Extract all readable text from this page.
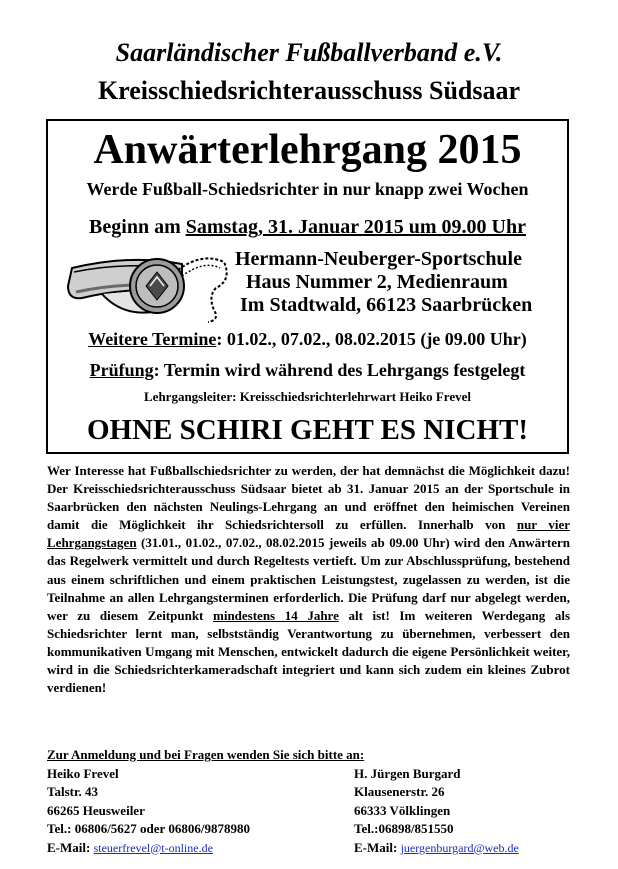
Saarländischer Fußballverband e.V.
Kreisschiedsrichterausschuss Südsaar
Anwärterlehrgang 2015
Werde Fußball-Schiedsrichter in nur knapp zwei Wochen
Beginn am Samstag, 31. Januar 2015 um 09.00 Uhr
Hermann-Neuberger-Sportschule
Haus Nummer 2, Medienraum
Im Stadtwald, 66123 Saarbrücken
Weitere Termine: 01.02., 07.02., 08.02.2015 (je 09.00 Uhr)
Prüfung: Termin wird während des Lehrgangs festgelegt
Lehrgangsleiter: Kreisschiedsrichterlehrwart Heiko Frevel
OHNE SCHIRI GEHT ES NICHT!
Wer Interesse hat Fußballschiedsrichter zu werden, der hat demnächst die Möglichkeit dazu! Der Kreisschiedsrichterausschuss Südsaar bietet ab 31. Januar 2015 an der Sportschule in Saarbrücken den nächsten Neulings-Lehrgang an und eröffnet den heimischen Vereinen damit die Möglichkeit ihr Schiedsrichtersoll zu erfüllen. Innerhalb von nur vier Lehrgangstagen (31.01., 01.02., 07.02., 08.02.2015 jeweils ab 09.00 Uhr) wird den Anwärtern das Regelwerk vermittelt und durch Regeltests vertieft. Um zur Abschlussprüfung, bestehend aus einem schriftlichen und einem praktischen Leistungstest, zugelassen zu werden, ist die Teilnahme an allen Lehrgangsterminen erforderlich. Die Prüfung darf nur abgelegt werden, wer zu diesem Zeitpunkt mindestens 14 Jahre alt ist! Im weiteren Werdegang als Schiedsrichter lernt man, selbstständig Verantwortung zu übernehmen, verbessert den kommunikativen Umgang mit Menschen, entwickelt dadurch die eigene Persönlichkeit weiter, wird in die Schiedsrichterkameradschaft integriert und kann sich zudem ein kleines Zubrot verdienen!
Zur Anmeldung und bei Fragen wenden Sie sich bitte an:
Heiko Frevel
Talstr. 43
66265 Heusweiler
Tel.: 06806/5627 oder 06806/9878980
E-Mail: steuerfrevel@t-online.de
H. Jürgen Burgard
Klausenerstr. 26
66333 Völklingen
Tel.:06898/851550
E-Mail: juergenburgard@web.de
